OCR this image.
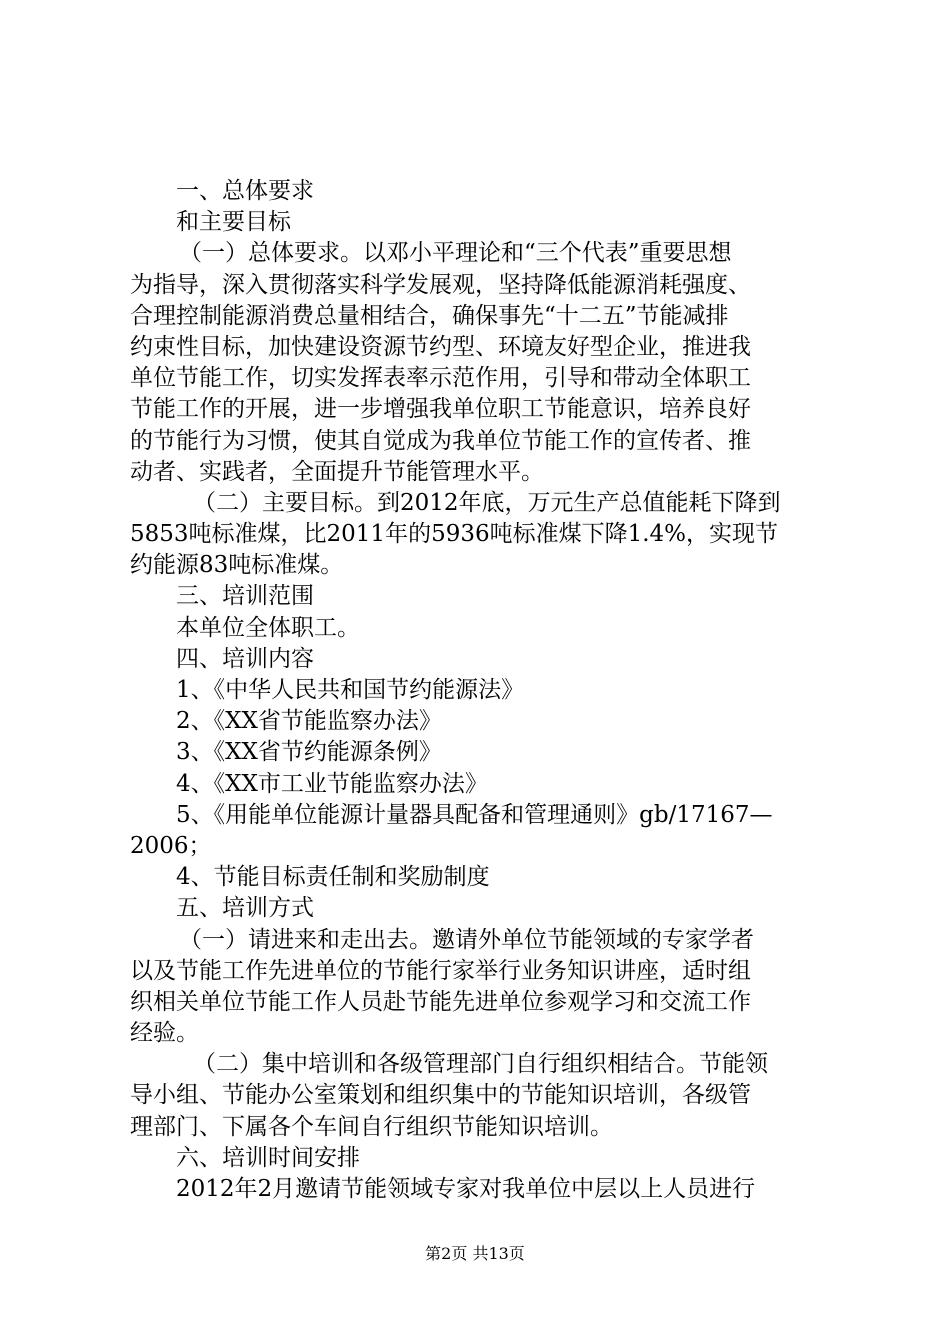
一、总体要求
和主要目标
（一）总体要求。以邓小平理论和“三个代表”重要思想
为指导，深入贯彻落实科学发展观，坚持降低能源消耗强度、
合理控制能源消费总量相结合，确保事先“十二五”节能减排
约束性目标，加快建设资源节约型、环境友好型企业，推进我
单位节能工作，切实发挥表率示范作用，引导和带动全体职工
节能工作的开展，进一步增强我单位职工节能意识，培养良好
的节能行为习惯，使其自觉成为我单位节能工作的宣传者、推
动者、实践者，全面提升节能管理水平。
（二）主要目标。到2012年底，万元生产总值能耗下降到
5853吨标准煤，比2011年的5936吨标准煤下降1.4%，实现节
约能源83吨标准煤。
三、培训范围
本单位全体职工。
四、培训内容
1、《中华人民共和国节约能源法》
2、《XX省节能监察办法》
3、《XX省节约能源条例》
4、《XX市工业节能监察办法》
5、《用能单位能源计量器具配备和管理通则》gb/17167—
2006；
4、节能目标责任制和奖励制度
五、培训方式
（一）请进来和走出去。邀请外单位节能领域的专家学者
以及节能工作先进单位的节能行家举行业务知识讲座，适时组
织相关单位节能工作人员赴节能先进单位参观学习和交流工作
经验。
（二）集中培训和各级管理部门自行组织相结合。节能领
导小组、节能办公室策划和组织集中的节能知识培训，各级管
理部门、下属各个车间自行组织节能知识培训。
六、培训时间安排
2012年2月邀请节能领域专家对我单位中层以上人员进行
第2页 共13页
